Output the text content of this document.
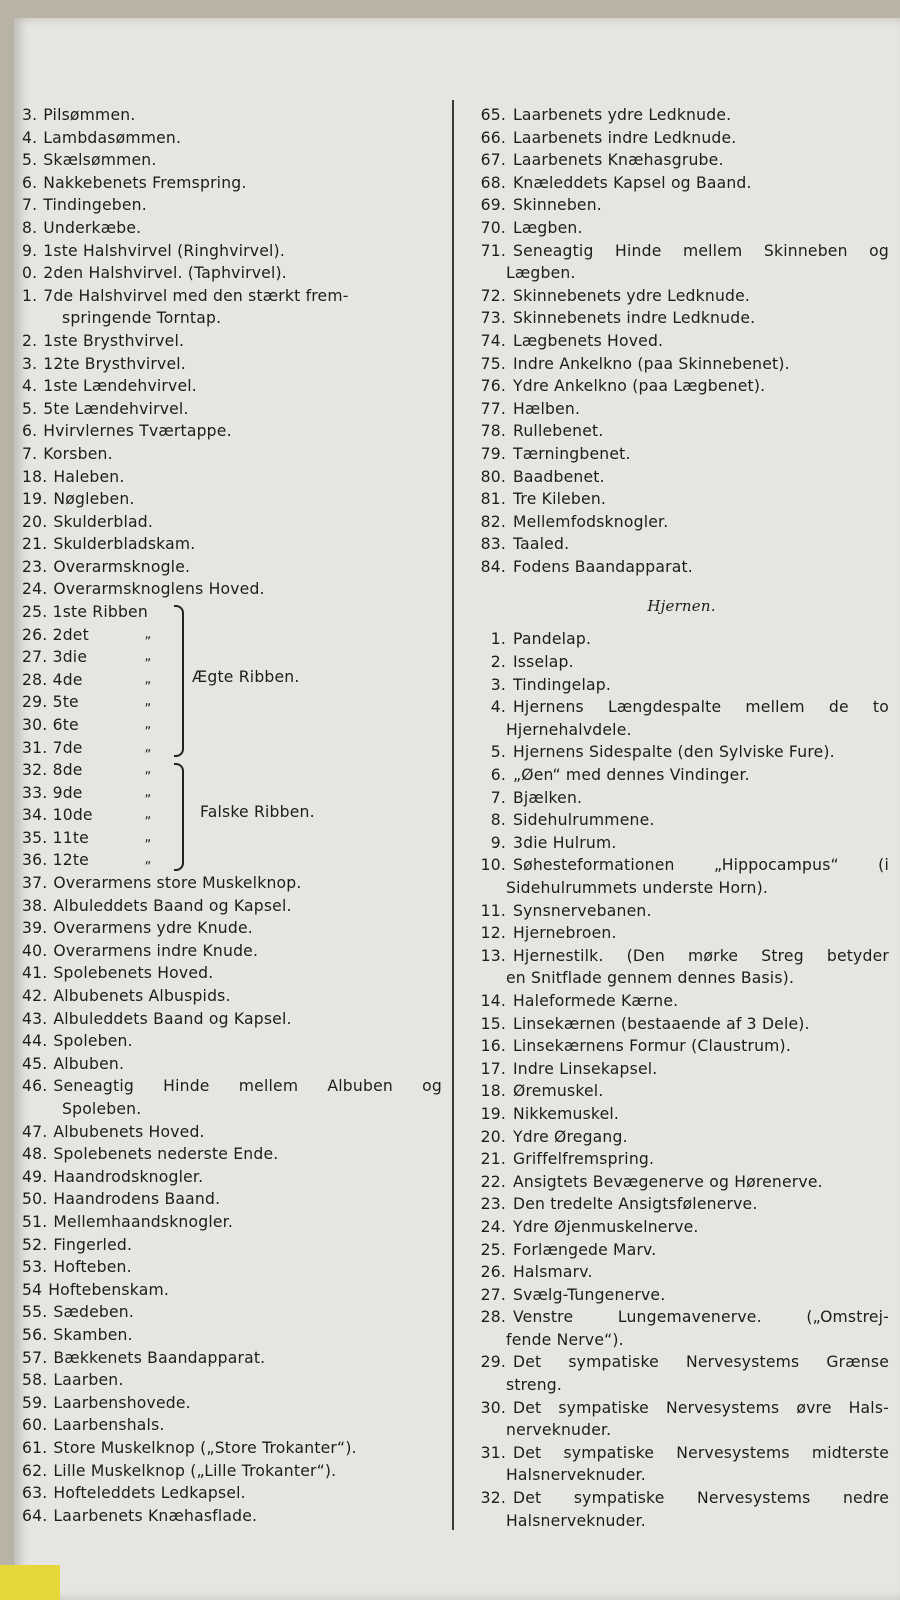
3. Pilsømmen.
4. Lambdasømmen.
5. Skælsømmen.
6. Nakkebenets Fremspring.
7. Tindingeben.
8. Underkæbe.
9. 1ste Halshvirvel (Ringhvirvel).
0. 2den Halshvirvel. (Taphvirvel).
1. 7de Halshvirvel med den stærkt frem-
springende Torntap.
2. 1ste Brysthvirvel.
3. 12te Brysthvirvel.
4. 1ste Lændehvirvel.
5. 5te Lændehvirvel.
6. Hvirvlernes Tværtappe.
7. Korsben.
18. Haleben.
19. Nøgleben.
20. Skulderblad.
21. Skulderbladskam.
23. Overarmsknogle.
24. Overarmsknoglens Hoved.
25. 1ste Ribben
26. 2det	„
27. 3die	„
28. 4de	„
29. 5te	„
30. 6te	„
31. 7de	„
Ægte Ribben.
32. 8de	„
33. 9de	„
34. 10de	„
35. 11te	„
36. 12te	„
Falske Ribben.
37. Overarmens store Muskelknop.
38. Albuleddets Baand og Kapsel.
39. Overarmens ydre Knude.
40. Overarmens indre Knude.
41. Spolebenets Hoved.
42. Albubenets Albuspids.
43. Albuleddets Baand og Kapsel.
44. Spoleben.
45. Albuben.
46. Seneagtig Hinde mellem Albuben og
Spoleben.
47. Albubenets Hoved.
48. Spolebenets nederste Ende.
49. Haandrodsknogler.
50. Haandrodens Baand.
51. Mellemhaandsknogler.
52. Fingerled.
53. Hofteben.
54 Hoftebenskam.
55. Sædeben.
56. Skamben.
57. Bækkenets Baandapparat.
58. Laarben.
59. Laarbenshovede.
60. Laarbenshals.
61. Store Muskelknop („Store Trokanter“).
62. Lille Muskelknop („Lille Trokanter“).
63. Hofteleddets Ledkapsel.
64. Laarbenets Knæhasflade.
65. Laarbenets ydre Ledknude.
66. Laarbenets indre Ledknude.
67. Laarbenets Knæhasgrube.
68. Knæleddets Kapsel og Baand.
69. Skinneben.
70. Lægben.
71. Seneagtig Hinde mellem Skinneben og
Lægben.
72. Skinnebenets ydre Ledknude.
73. Skinnebenets indre Ledknude.
74. Lægbenets Hoved.
75. Indre Ankelkno (paa Skinnebenet).
76. Ydre Ankelkno (paa Lægbenet).
77. Hælben.
78. Rullebenet.
79. Tærningbenet.
80. Baadbenet.
81. Tre Kileben.
82. Mellemfodsknogler.
83. Taaled.
84. Fodens Baandapparat.
Hjernen.
1. Pandelap.
2. Isselap.
3. Tindingelap.
4. Hjernens Længdespalte mellem de to
Hjernehalvdele.
5. Hjernens Sidespalte (den Sylviske Fure).
6. „Øen“ med dennes Vindinger.
7. Bjælken.
8. Sidehulrummene.
9. 3die Hulrum.
10. Søhesteformationen „Hippocampus“ (i
Sidehulrummets underste Horn).
11. Synsnervebanen.
12. Hjernebroen.
13. Hjernestilk. (Den mørke Streg betyder
en Snitflade gennem dennes Basis).
14. Haleformede Kærne.
15. Linsekærnen (bestaaende af 3 Dele).
16. Linsekærnens Formur (Claustrum).
17. Indre Linsekapsel.
18. Øremuskel.
19. Nikkemuskel.
20. Ydre Øregang.
21. Griffelfremspring.
22. Ansigtets Bevægenerve og Hørenerve.
23. Den tredelte Ansigtsfølenerve.
24. Ydre Øjenmuskelnerve.
25. Forlængede Marv.
26. Halsmarv.
27. Svælg-Tungenerve.
28. Venstre Lungemavenerve. („Omstrej-
fende Nerve“).
29. Det sympatiske Nervesystems Grænse
streng.
30. Det sympatiske Nervesystems øvre Hals-
nerveknuder.
31. Det sympatiske Nervesystems midterste
Halsnerveknuder.
32. Det sympatiske Nervesystems nedre
Halsnerveknuder.
